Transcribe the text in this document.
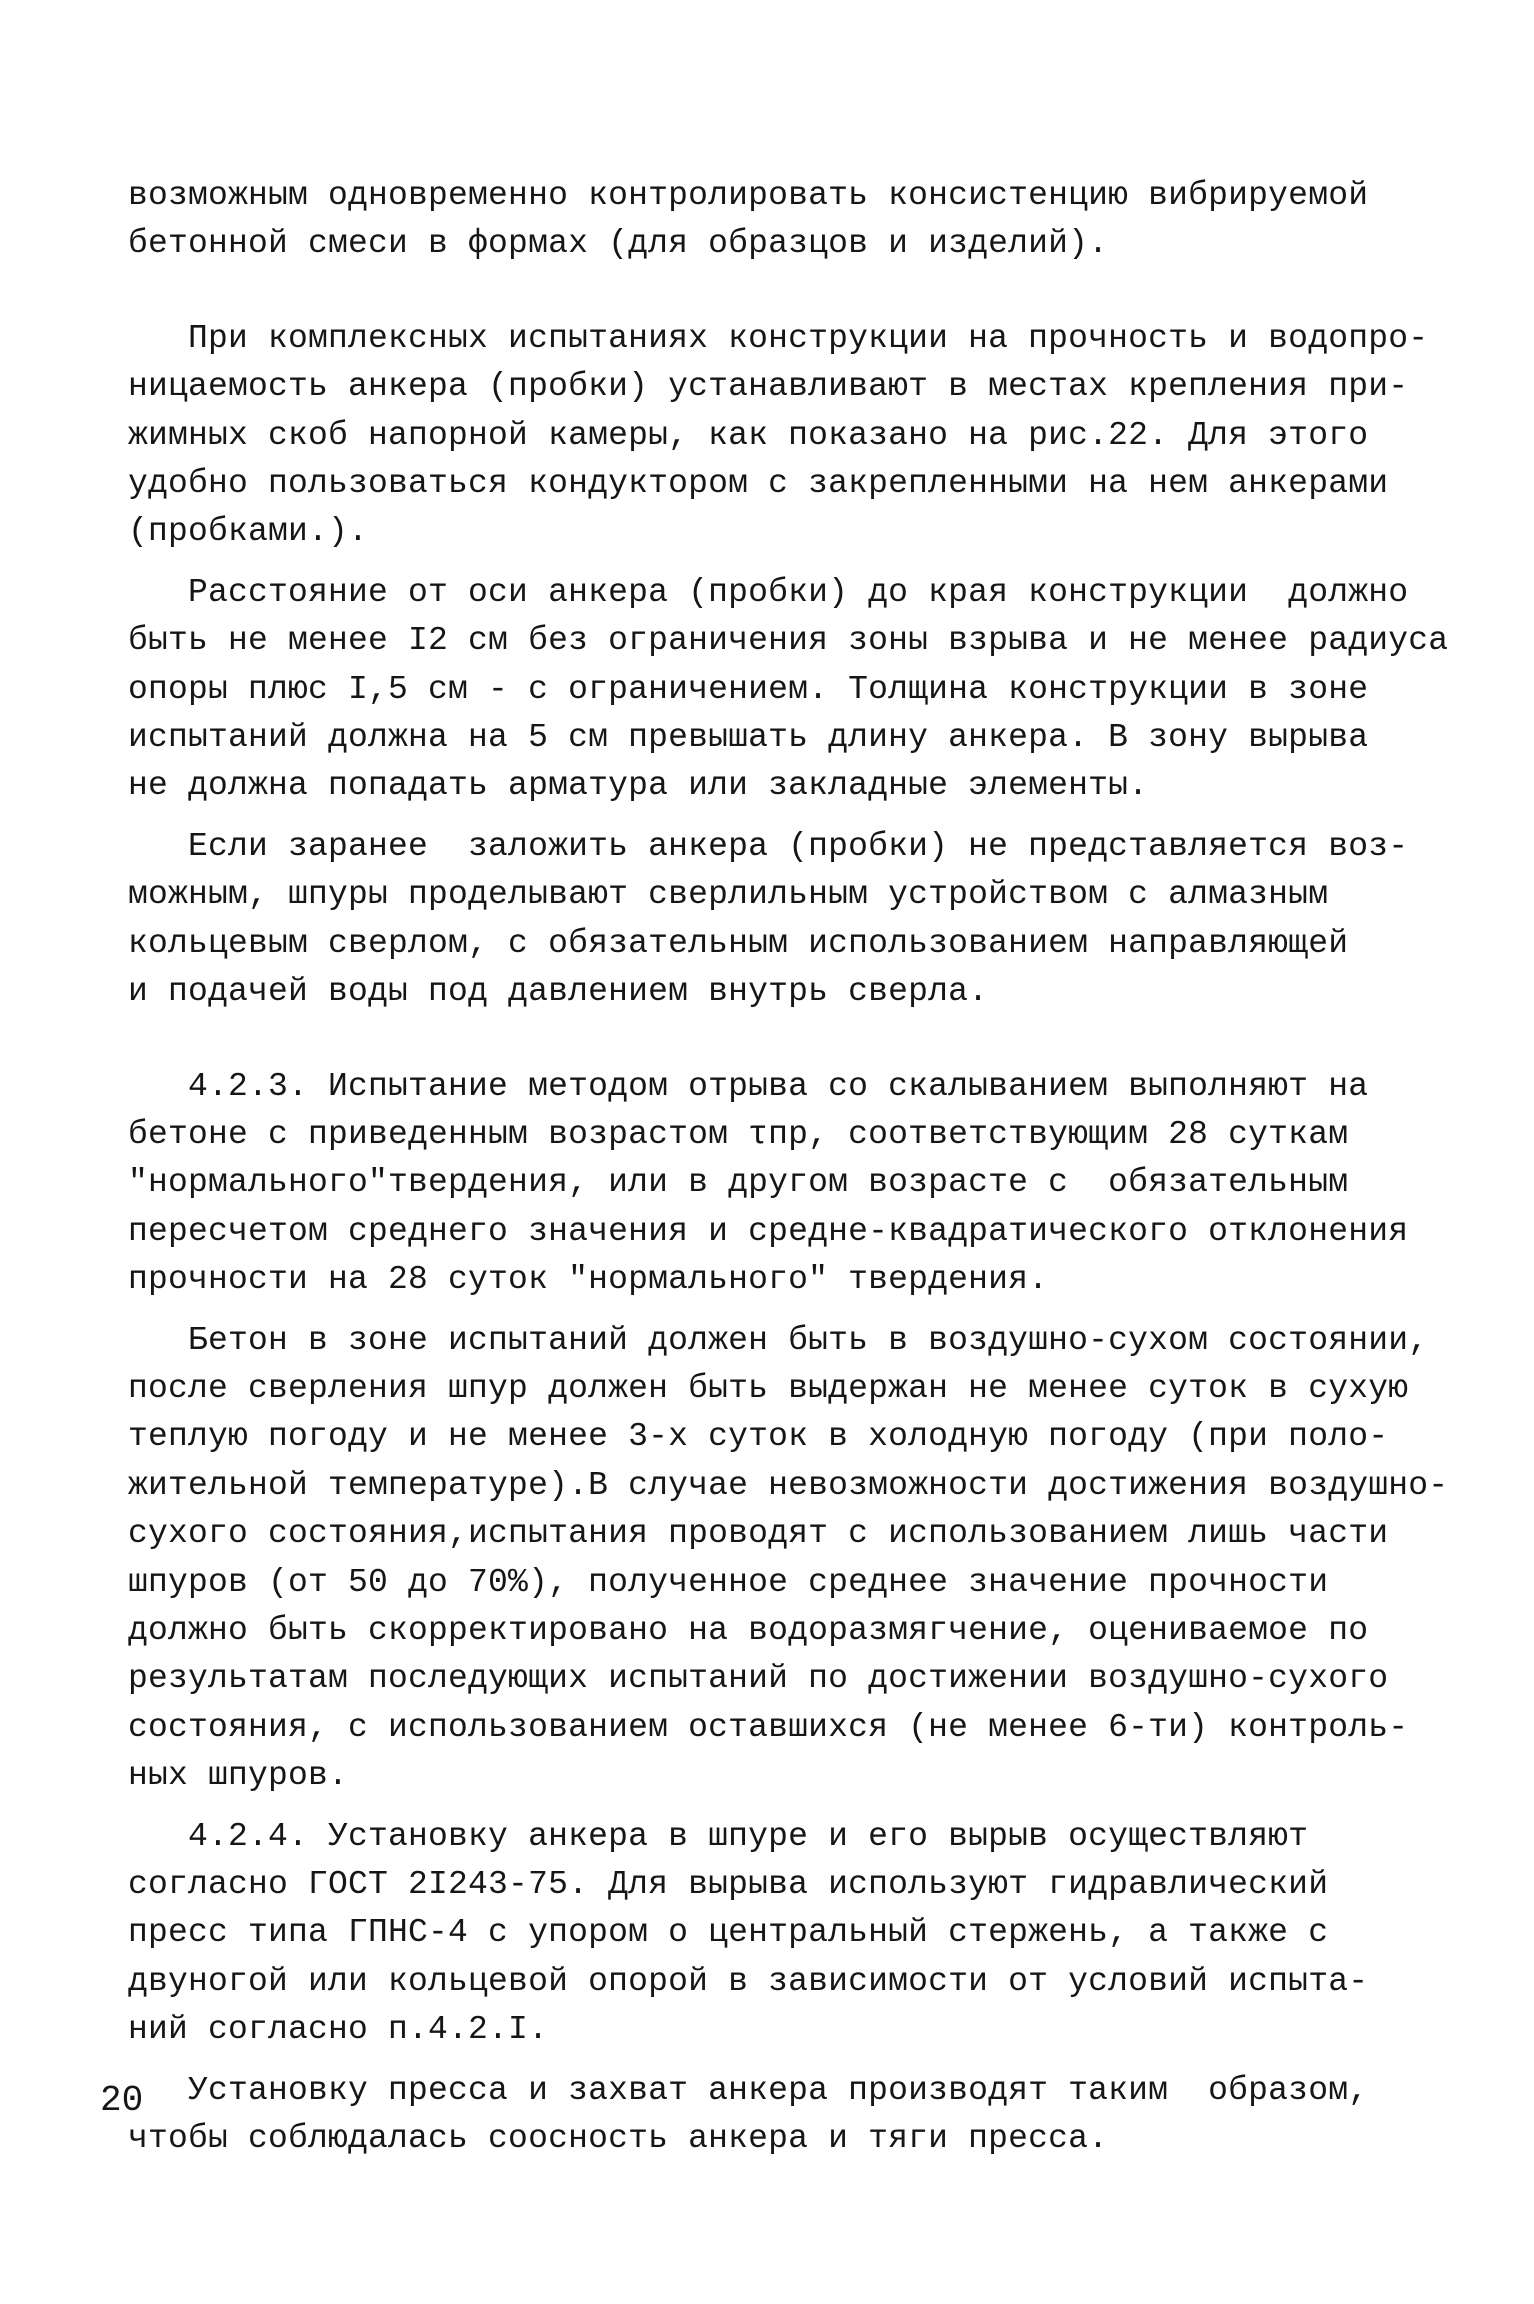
возможным одновременно контролировать консистенцию вибрируемой
бетонной смеси в формах (для образцов и изделий).

При комплексных испытаниях конструкции на прочность и водопро-
ницаемость анкера (пробки) устанавливают в местах крепления при-
жимных скоб напорной камеры, как показано на рис.22. Для этого
удобно пользоваться кондуктором с закрепленными на нем анкерами
(пробками.).

Расстояние от оси анкера (пробки) до края конструкции  должно
быть не менее I2 см без ограничения зоны взрыва и не менее радиуса
опоры плюс I,5 см - с ограничением. Толщина конструкции в зоне
испытаний должна на 5 см превышать длину анкера. В зону вырыва
не должна попадать арматура или закладные элементы.

Если заранее  заложить анкера (пробки) не представляется воз-
можным, шпуры проделывают сверлильным устройством с алмазным
кольцевым сверлом, с обязательным использованием направляющей
и подачей воды под давлением внутрь сверла.

4.2.3. Испытание методом отрыва со скалыванием выполняют на
бетоне с приведенным возрастом τпр, соответствующим 28 суткам
"нормального"твердения, или в другом возрасте с  обязательным
пересчетом среднего значения и средне-квадратического отклонения
прочности на 28 суток "нормального" твердения.

Бетон в зоне испытаний должен быть в воздушно-сухом состоянии,
после сверления шпур должен быть выдержан не менее суток в сухую
теплую погоду и не менее 3-х суток в холодную погоду (при поло-
жительной температуре).В случае невозможности достижения воздушно-
сухого состояния,испытания проводят с использованием лишь части
шпуров (от 50 до 70%), полученное среднее значение прочности
должно быть скорректировано на водоразмягчение, оцениваемое по
результатам последующих испытаний по достижении воздушно-сухого
состояния, с использованием оставшихся (не менее 6-ти) контроль-
ных шпуров.

4.2.4. Установку анкера в шпуре и его вырыв осуществляют
согласно ГОСТ 2I243-75. Для вырыва используют гидравлический
пресс типа ГПНС-4 с упором о центральный стержень, а также с
двуногой или кольцевой опорой в зависимости от условий испыта-
ний согласно п.4.2.I.

Установку пресса и захват анкера производят таким  образом,
чтобы соблюдалась соосность анкера и тяги пресса.

20
